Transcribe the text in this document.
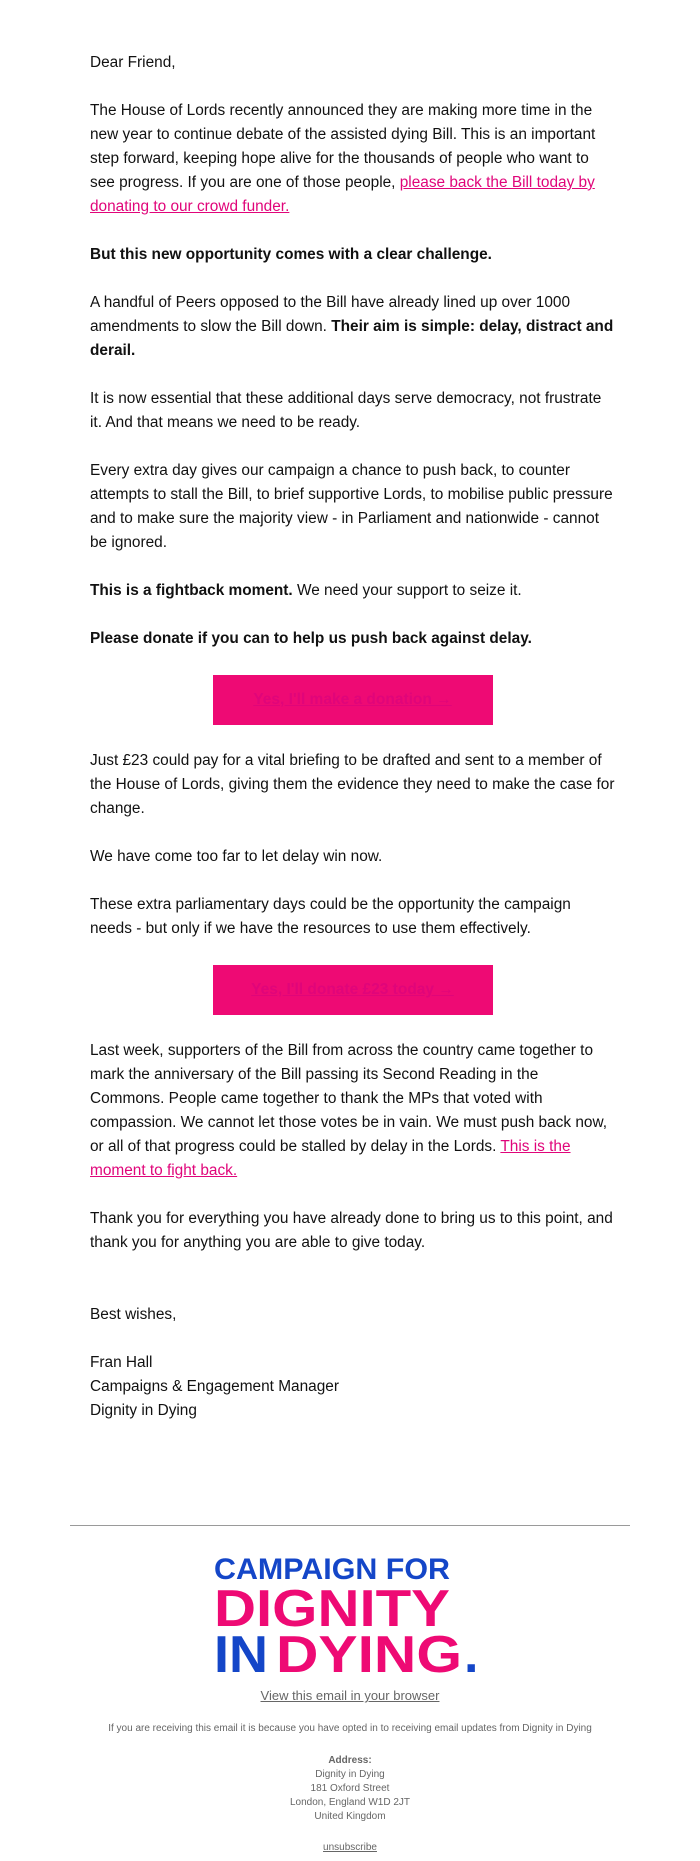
Dear Friend,

The House of Lords recently announced they are making more time in the new year to continue debate of the assisted dying Bill. This is an important step forward, keeping hope alive for the thousands of people who want to see progress. If you are one of those people, please back the Bill today by donating to our crowd funder.

But this new opportunity comes with a clear challenge.

A handful of Peers opposed to the Bill have already lined up over 1000 amendments to slow the Bill down. Their aim is simple: delay, distract and derail.

It is now essential that these additional days serve democracy, not frustrate it. And that means we need to be ready.

Every extra day gives our campaign a chance to push back, to counter attempts to stall the Bill, to brief supportive Lords, to mobilise public pressure and to make sure the majority view - in Parliament and nationwide - cannot be ignored.

This is a fightback moment. We need your support to seize it.

Please donate if you can to help us push back against delay.

Yes, I'll make a donation →

Just £23 could pay for a vital briefing to be drafted and sent to a member of the House of Lords, giving them the evidence they need to make the case for change.

We have come too far to let delay win now.

These extra parliamentary days could be the opportunity the campaign needs - but only if we have the resources to use them effectively.

Yes, I'll donate £23 today →

Last week, supporters of the Bill from across the country came together to mark the anniversary of the Bill passing its Second Reading in the Commons. People came together to thank the MPs that voted with compassion. We cannot let those votes be in vain. We must push back now, or all of that progress could be stalled by delay in the Lords. This is the moment to fight back.

Thank you for everything you have already done to bring us to this point, and thank you for anything you are able to give today.

Best wishes,

Fran Hall

Campaigns & Engagement Manager

Dignity in Dying

CAMPAIGN FOR
DIGNITY
IN DYING .
View this email in your browser
If you are receiving this email it is because you have opted in to receiving email updates from Dignity in Dying
Address:
Dignity in Dying
181 Oxford Street
London, England W1D 2JT
United Kingdom
unsubscribe
